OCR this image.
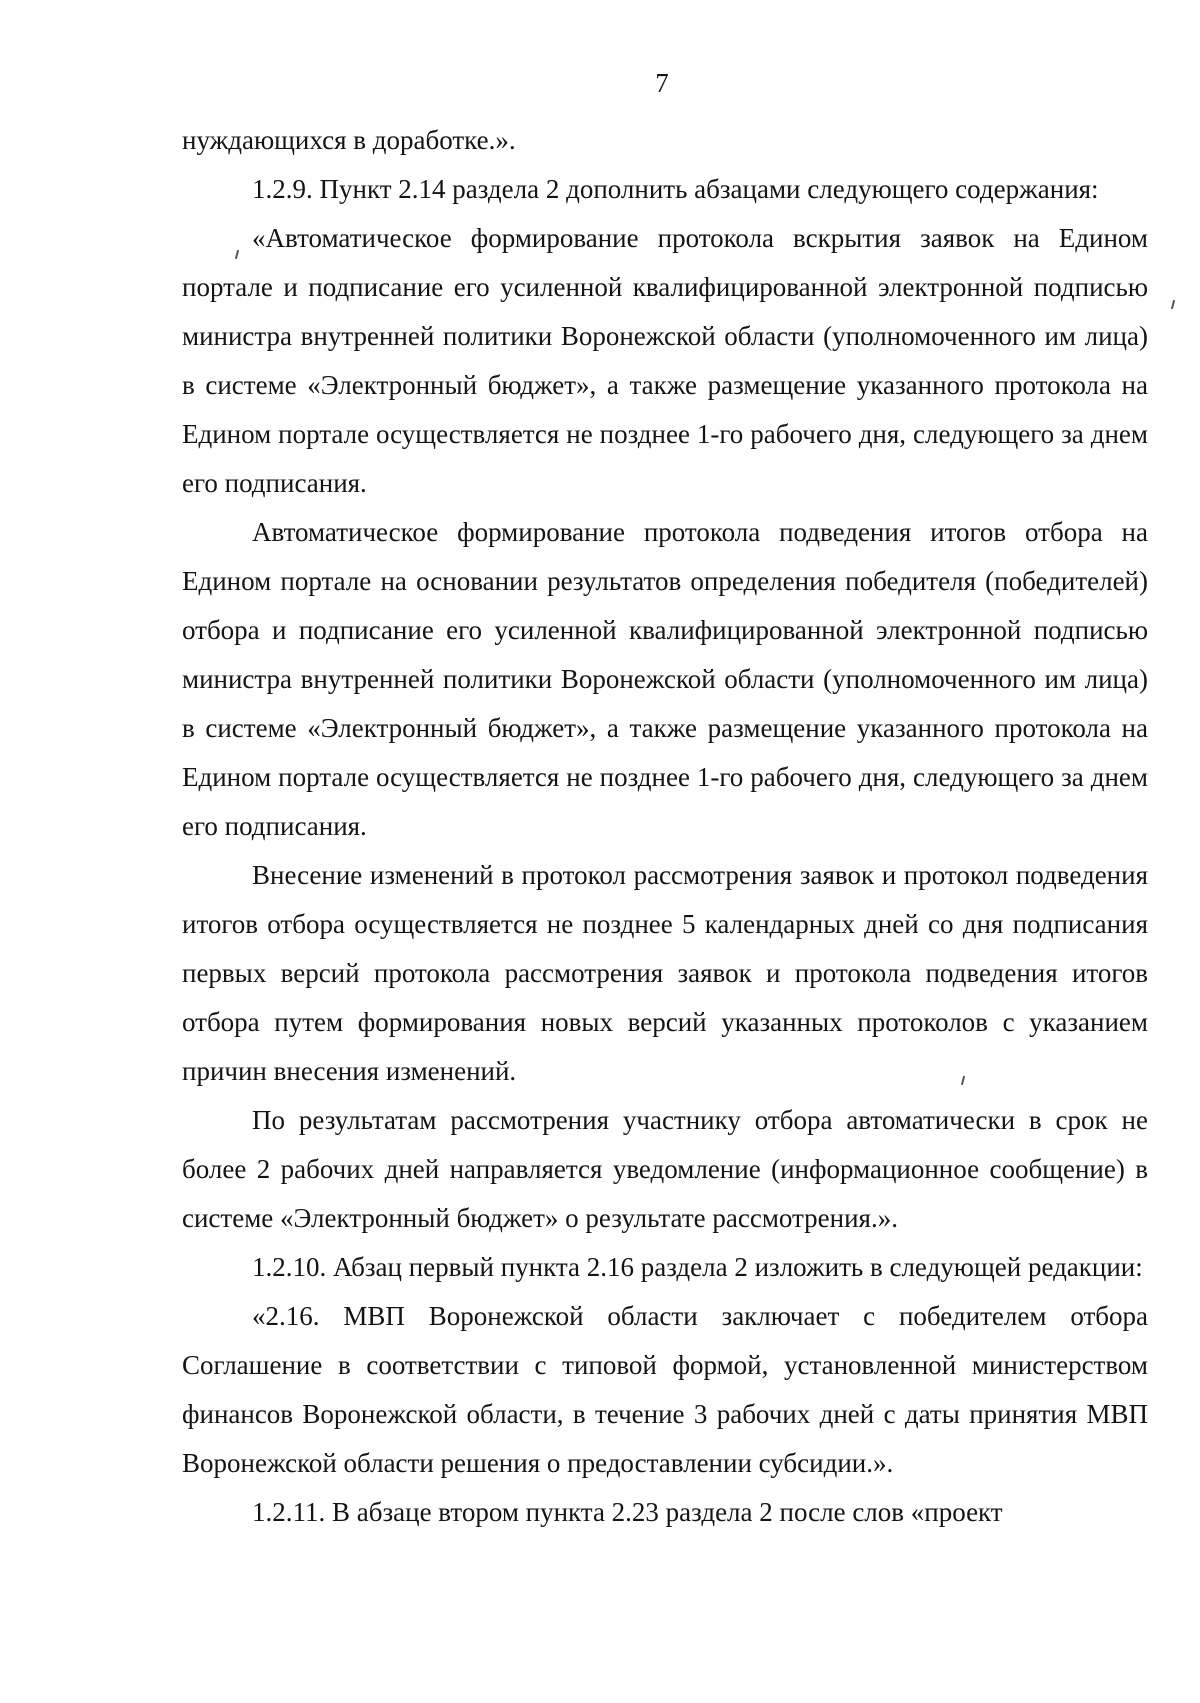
7

нуждающихся в доработке.».

1.2.9. Пункт 2.14 раздела 2 дополнить абзацами следующего содержания:

«Автоматическое формирование протокола вскрытия заявок на Едином портале и подписание его усиленной квалифицированной электронной подписью министра внутренней политики Воронежской области (уполномоченного им лица) в системе «Электронный бюджет», а также размещение указанного протокола на Едином портале осуществляется не позднее 1-го рабочего дня, следующего за днем его подписания.

Автоматическое формирование протокола подведения итогов отбора на Едином портале на основании результатов определения победителя (победителей) отбора и подписание его усиленной квалифицированной электронной подписью министра внутренней политики Воронежской области (уполномоченного им лица) в системе «Электронный бюджет», а также размещение указанного протокола на Едином портале осуществляется не позднее 1-го рабочего дня, следующего за днем его подписания.

Внесение изменений в протокол рассмотрения заявок и протокол подведения итогов отбора осуществляется не позднее 5 календарных дней со дня подписания первых версий протокола рассмотрения заявок и протокола подведения итогов отбора путем формирования новых версий указанных протоколов с указанием причин внесения изменений.

По результатам рассмотрения участнику отбора автоматически в срок не более 2 рабочих дней направляется уведомление (информационное сообщение) в системе «Электронный бюджет» о результате рассмотрения.».

1.2.10. Абзац первый пункта 2.16 раздела 2 изложить в следующей редакции:

«2.16. МВП Воронежской области заключает с победителем отбора Соглашение в соответствии с типовой формой, установленной министерством финансов Воронежской области, в течение 3 рабочих дней с даты принятия МВП Воронежской области решения о предоставлении субсидии.».

1.2.11. В абзаце втором пункта 2.23 раздела 2 после слов «проект
